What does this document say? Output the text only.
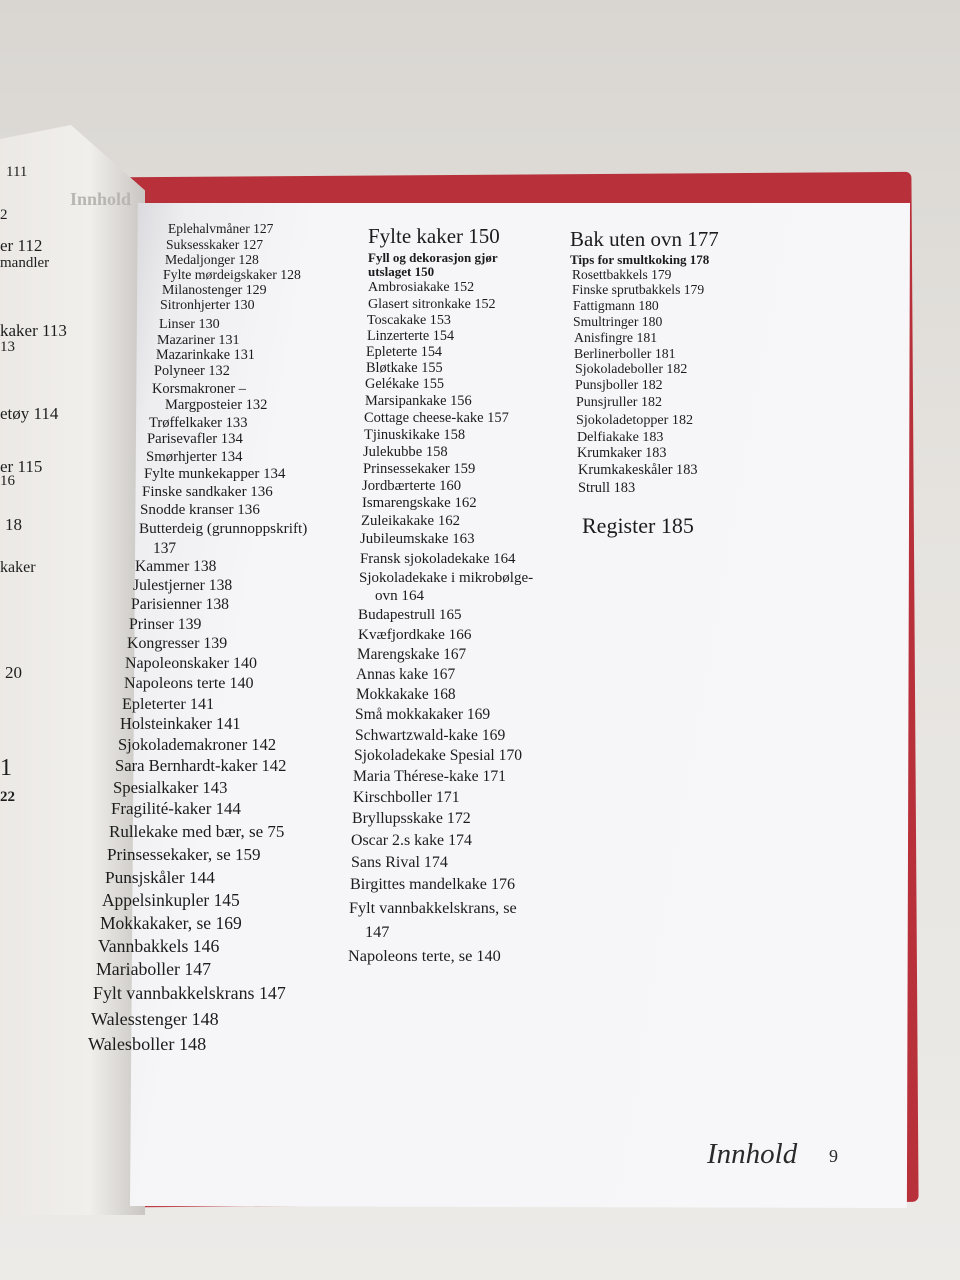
111
Innhold
2
er 112
mandler
kaker 113
13
etøy 114
er 115
16
18
kaker
20
1
22
Eplehalvmåner 127
Suksesskaker 127
Medaljonger 128
Fylte mørdeigskaker 128
Milanostenger 129
Sitronhjerter 130
Linser 130
Mazariner 131
Mazarinkake 131
Polyneer 132
Korsmakroner –
Margposteier 132
Trøffelkaker 133
Parisevafler 134
Smørhjerter 134
Fylte munkekapper 134
Finske sandkaker 136
Snodde kranser 136
Butterdeig (grunnoppskrift)
137
Kammer 138
Julestjerner 138
Parisienner 138
Prinser 139
Kongresser 139
Napoleonskaker 140
Napoleons terte 140
Epleterter 141
Holsteinkaker 141
Sjokolademakroner 142
Sara Bernhardt-kaker 142
Spesialkaker 143
Fragilité-kaker 144
Rullekake med bær, se 75
Prinsessekaker, se 159
Punsjskåler 144
Appelsinkupler 145
Mokkakaker, se 169
Vannbakkels 146
Mariaboller 147
Fylt vannbakkelskrans 147
Walesstenger 148
Walesboller 148
Fylte kaker 150
Fyll og dekorasjon gjør
utslaget 150
Ambrosiakake 152
Glasert sitronkake 152
Toscakake 153
Linzerterte 154
Epleterte 154
Bløtkake 155
Gelékake 155
Marsipankake 156
Cottage cheese-kake 157
Tjinuskikake 158
Julekubbe 158
Prinsessekaker 159
Jordbærterte 160
Ismarengskake 162
Zuleikakake 162
Jubileumskake 163
Fransk sjokoladekake 164
Sjokoladekake i mikrobølge-
ovn 164
Budapestrull 165
Kvæfjordkake 166
Marengskake 167
Annas kake 167
Mokkakake 168
Små mokkakaker 169
Schwartzwald-kake 169
Sjokoladekake Spesial 170
Maria Thérese-kake 171
Kirschboller 171
Bryllupsskake 172
Oscar 2.s kake 174
Sans Rival 174
Birgittes mandelkake 176
Fylt vannbakkelskrans, se
147
Napoleons terte, se 140
Bak uten ovn 177
Tips for smultkoking 178
Rosettbakkels 179
Finske sprutbakkels 179
Fattigmann 180
Smultringer 180
Anisfingre 181
Berlinerboller 181
Sjokoladeboller 182
Punsjboller 182
Punsjruller 182
Sjokoladetopper 182
Delfiakake 183
Krumkaker 183
Krumkakeskåler 183
Strull 183
Register 185
Innhold 9
